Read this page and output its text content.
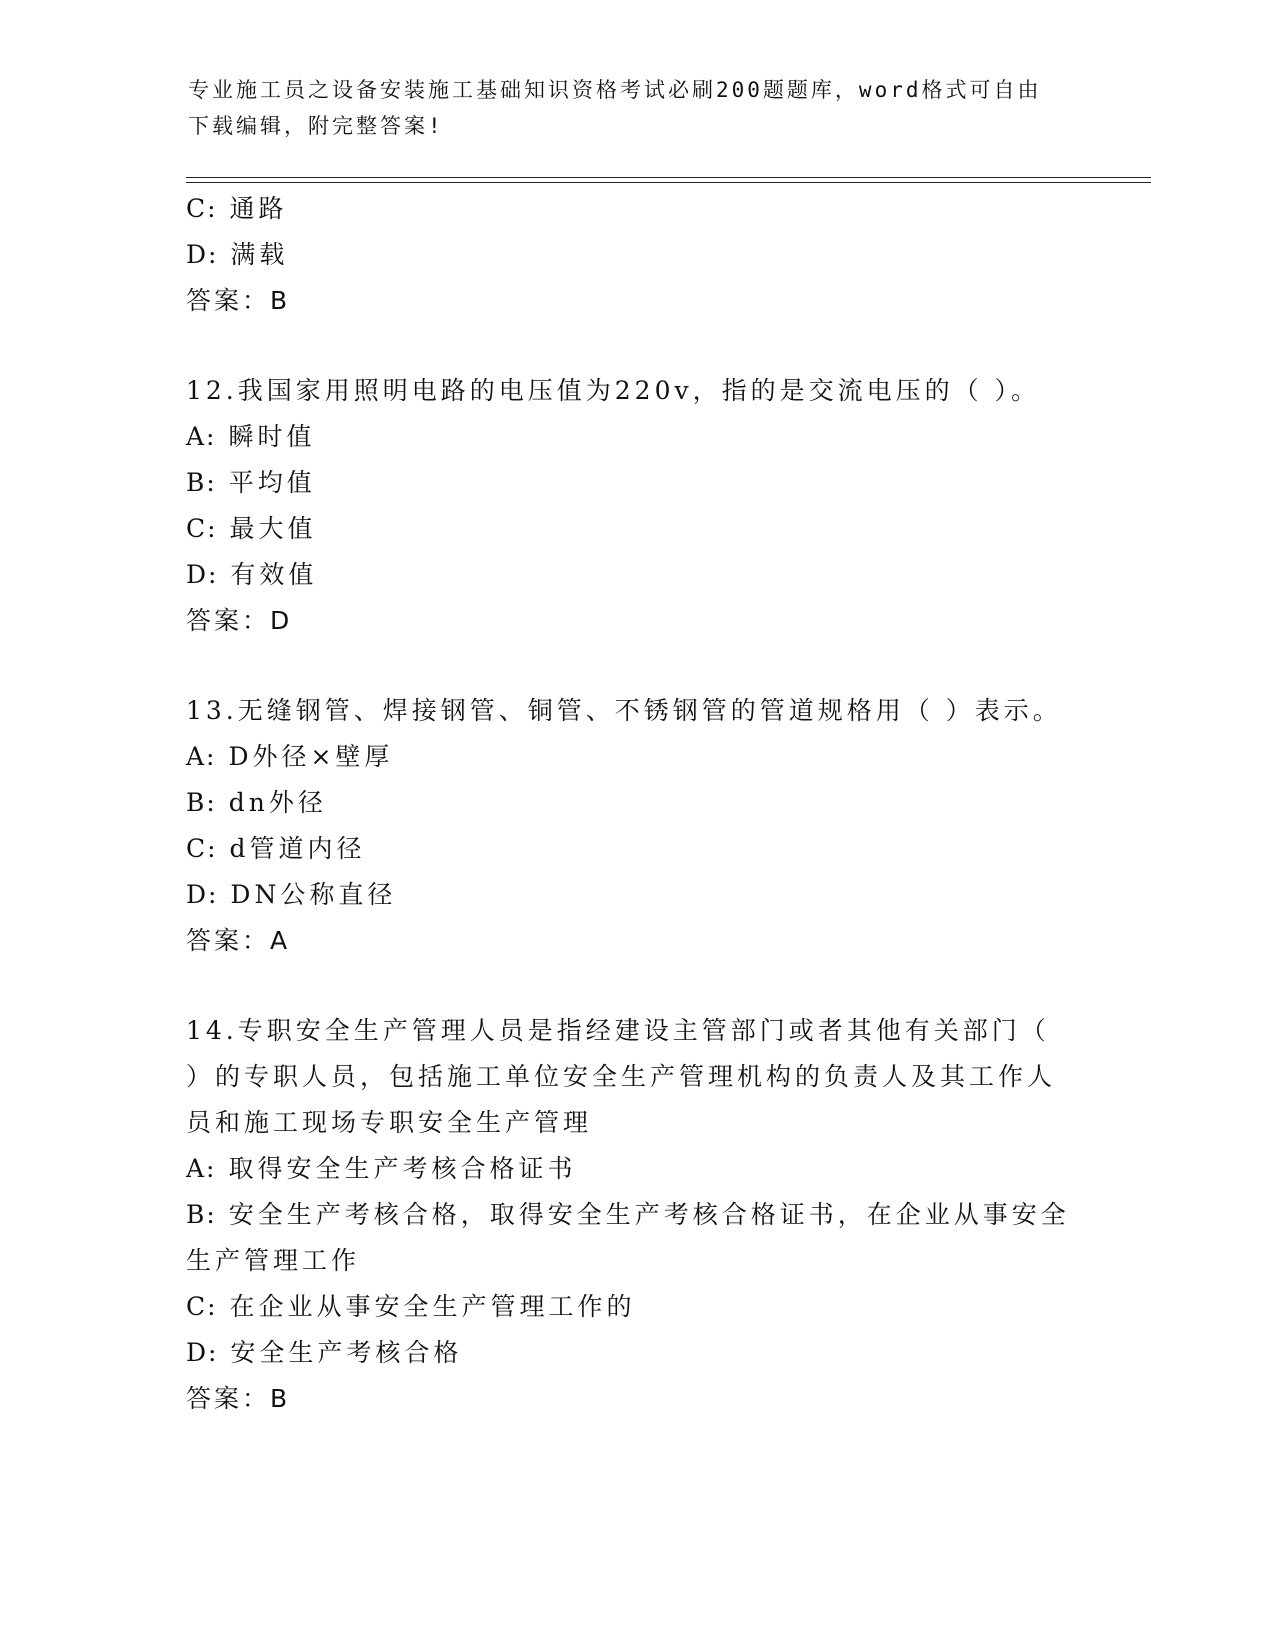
专业施工员之设备安装施工基础知识资格考试必刷200题题库，word格式可自由
下载编辑，附完整答案!
C: 通路
D: 满载
答案：B
12.我国家用照明电路的电压值为220v，指的是交流电压的（ ）。
A: 瞬时值
B: 平均值
C: 最大值
D: 有效值
答案：D
13.无缝钢管、焊接钢管、铜管、不锈钢管的管道规格用（ ）表示。
A: D外径×壁厚
B: dn外径
C: d管道内径
D: DN公称直径
答案：A
14.专职安全生产管理人员是指经建设主管部门或者其他有关部门（
）的专职人员，包括施工单位安全生产管理机构的负责人及其工作人
员和施工现场专职安全生产管理
A: 取得安全生产考核合格证书
B: 安全生产考核合格，取得安全生产考核合格证书，在企业从事安全
生产管理工作
C: 在企业从事安全生产管理工作的
D: 安全生产考核合格
答案：B
